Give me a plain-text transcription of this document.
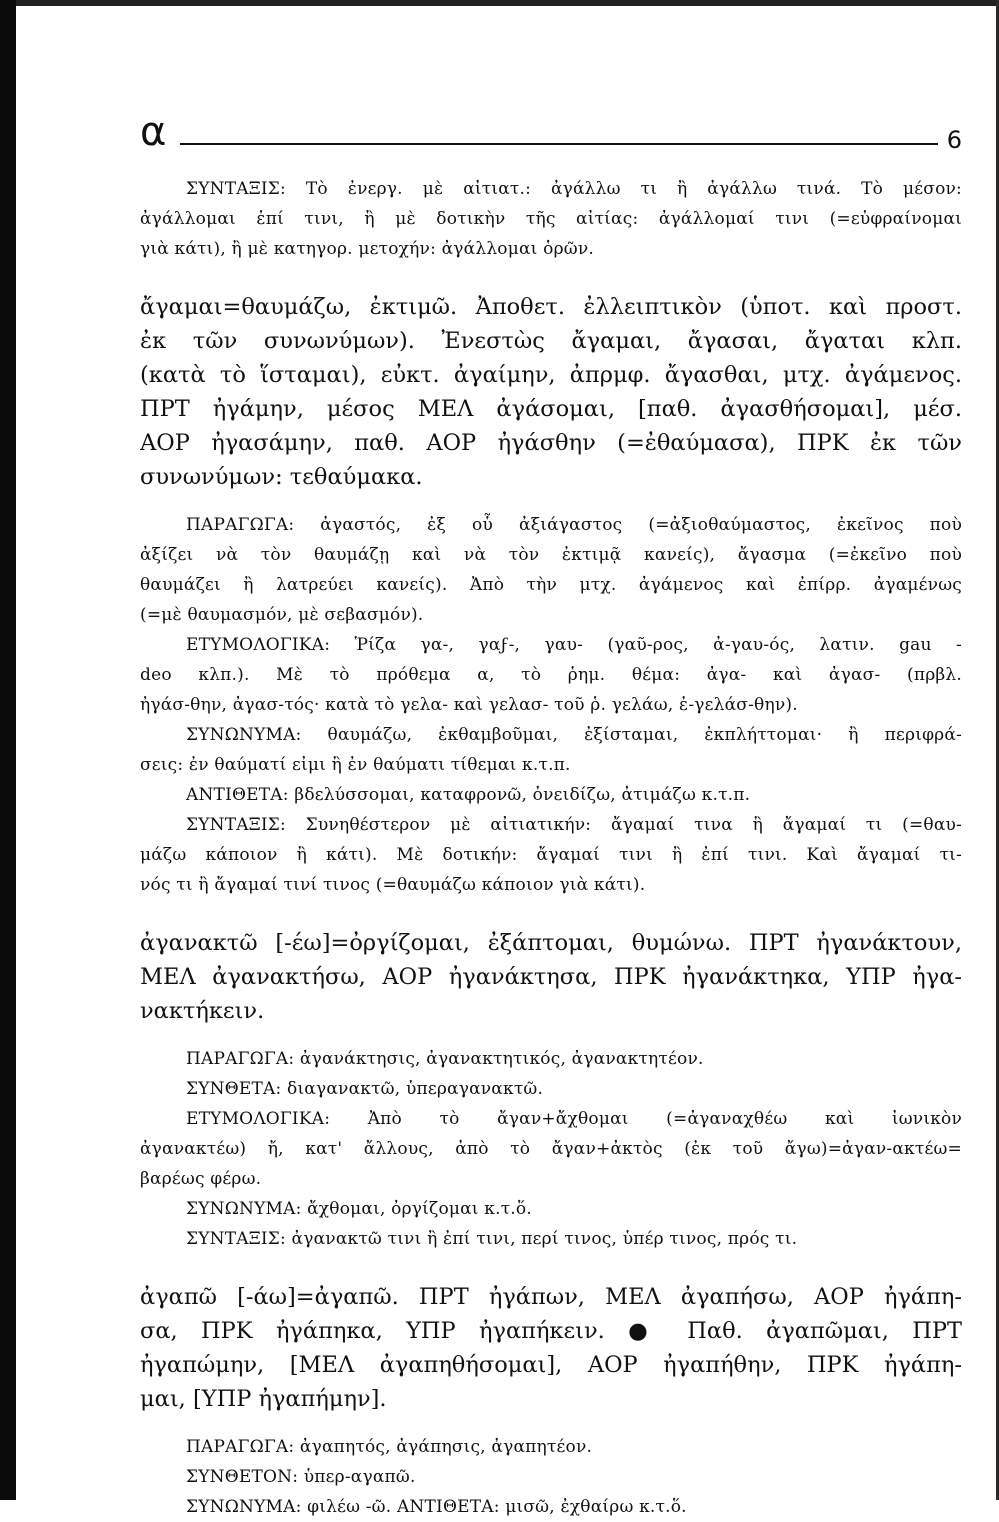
α	6
ΣΥΝΤΑΞΙΣ: Τὸ ἐνεργ. μὲ αἰτιατ.: ἀγάλλω τι ἢ ἀγάλλω τινά. Τὸ μέσον:
ἀγάλλομαι ἐπί τινι, ἢ μὲ δοτικὴν τῆς αἰτίας: ἀγάλλομαί τινι (=εὐφραίνομαι
γιὰ κάτι), ἢ μὲ κατηγορ. μετοχήν: ἀγάλλομαι ὁρῶν.
ἄγαμαι=θαυμάζω, ἐκτιμῶ. Ἀποθετ. ἐλλειπτικὸν (ὑποτ. καὶ προστ.
ἐκ τῶν συνωνύμων). Ἐνεστὼς ἄγαμαι, ἄγασαι, ἄγαται κλπ.
(κατὰ τὸ ἵσταμαι), εὐκτ. ἀγαίμην, ἀπρμφ. ἄγασθαι, μτχ. ἀγάμενος.
ΠΡΤ ἠγάμην, μέσος ΜΕΛ ἀγάσομαι, [παθ. ἀγασθήσομαι], μέσ.
ΑΟΡ ἠγασάμην, παθ. ΑΟΡ ἠγάσθην (=ἐθαύμασα), ΠΡΚ ἐκ τῶν
συνωνύμων: τεθαύμακα.
ΠΑΡΑΓΩΓΑ: ἀγαστός, ἐξ οὗ ἀξιάγαστος (=ἀξιοθαύμαστος, ἐκεῖνος ποὺ
ἀξίζει νὰ τὸν θαυμάζῃ καὶ νὰ τὸν ἐκτιμᾷ κανείς), ἄγασμα (=ἐκεῖνο ποὺ
θαυμάζει ἢ λατρεύει κανείς). Ἀπὸ τὴν μτχ. ἀγάμενος καὶ ἐπίρρ. ἀγαμένως
(=μὲ θαυμασμόν, μὲ σεβασμόν).
ΕΤΥΜΟΛΟΓΙΚΑ: Ῥίζα γα-, γαϝ-, γαυ- (γαῦ-ρος, ἀ-γαυ-ός, λατιν. gau -
deo κλπ.). Μὲ τὸ πρόθεμα α, τὸ ῥημ. θέμα: ἀγα- καὶ ἀγασ- (πρβλ.
ἠγάσ-θην, ἀγασ-τός· κατὰ τὸ γελα- καὶ γελασ- τοῦ ῥ. γελάω, ἐ-γελάσ-θην).
ΣΥΝΩΝΥΜΑ: θαυμάζω, ἐκθαμβοῦμαι, ἐξίσταμαι, ἐκπλήττομαι· ἢ περιφρά-
σεις: ἐν θαύματί εἰμι ἢ ἐν θαύματι τίθεμαι κ.τ.π.
ΑΝΤΙΘΕΤΑ: βδελύσσομαι, καταφρονῶ, ὀνειδίζω, ἀτιμάζω κ.τ.π.
ΣΥΝΤΑΞΙΣ: Συνηθέστερον μὲ αἰτιατικήν: ἄγαμαί τινα ἢ ἄγαμαί τι (=θαυ-
μάζω κάποιον ἢ κάτι). Μὲ δοτικήν: ἄγαμαί τινι ἢ ἐπί τινι. Καὶ ἄγαμαί τι-
νός τι ἢ ἄγαμαί τινί τινος (=θαυμάζω κάποιον γιὰ κάτι).
ἀγανακτῶ [-έω]=ὀργίζομαι, ἐξάπτομαι, θυμώνω. ΠΡΤ ἠγανάκτουν,
ΜΕΛ ἀγανακτήσω, ΑΟΡ ἠγανάκτησα, ΠΡΚ ἠγανάκτηκα, ΥΠΡ ἠγα-
νακτήκειν.
ΠΑΡΑΓΩΓΑ: ἀγανάκτησις, ἀγανακτητικός, ἀγανακτητέον.
ΣΥΝΘΕΤΑ: διαγανακτῶ, ὑπεραγανακτῶ.
ΕΤΥΜΟΛΟΓΙΚΑ: Ἀπὸ τὸ ἄγαν+ἄχθομαι (=ἀγαναχθέω καὶ ἰωνικὸν
ἀγανακτέω) ἤ, κατ' ἄλλους, ἀπὸ τὸ ἄγαν+ἀκτὸς (ἐκ τοῦ ἄγω)=ἀγαν-ακτέω=
βαρέως φέρω.
ΣΥΝΩΝΥΜΑ: ἄχθομαι, ὀργίζομαι κ.τ.ὅ.
ΣΥΝΤΑΞΙΣ: ἀγανακτῶ τινι ἢ ἐπί τινι, περί τινος, ὑπέρ τινος, πρός τι.
ἀγαπῶ [-άω]=ἀγαπῶ. ΠΡΤ ἠγάπων, ΜΕΛ ἀγαπήσω, ΑΟΡ ἠγάπη-
σα, ΠΡΚ ἠγάπηκα, ΥΠΡ ἠγαπήκειν. ● Παθ. ἀγαπῶμαι, ΠΡΤ
ἠγαπώμην, [ΜΕΛ ἀγαπηθήσομαι], ΑΟΡ ἠγαπήθην, ΠΡΚ ἠγάπη-
μαι, [ΥΠΡ ἠγαπήμην].
ΠΑΡΑΓΩΓΑ: ἀγαπητός, ἀγάπησις, ἀγαπητέον.
ΣΥΝΘΕΤΟΝ: ὑπερ-αγαπῶ.
ΣΥΝΩΝΥΜΑ: φιλέω -ῶ. ΑΝΤΙΘΕΤΑ: μισῶ, ἐχθαίρω κ.τ.ὅ.
